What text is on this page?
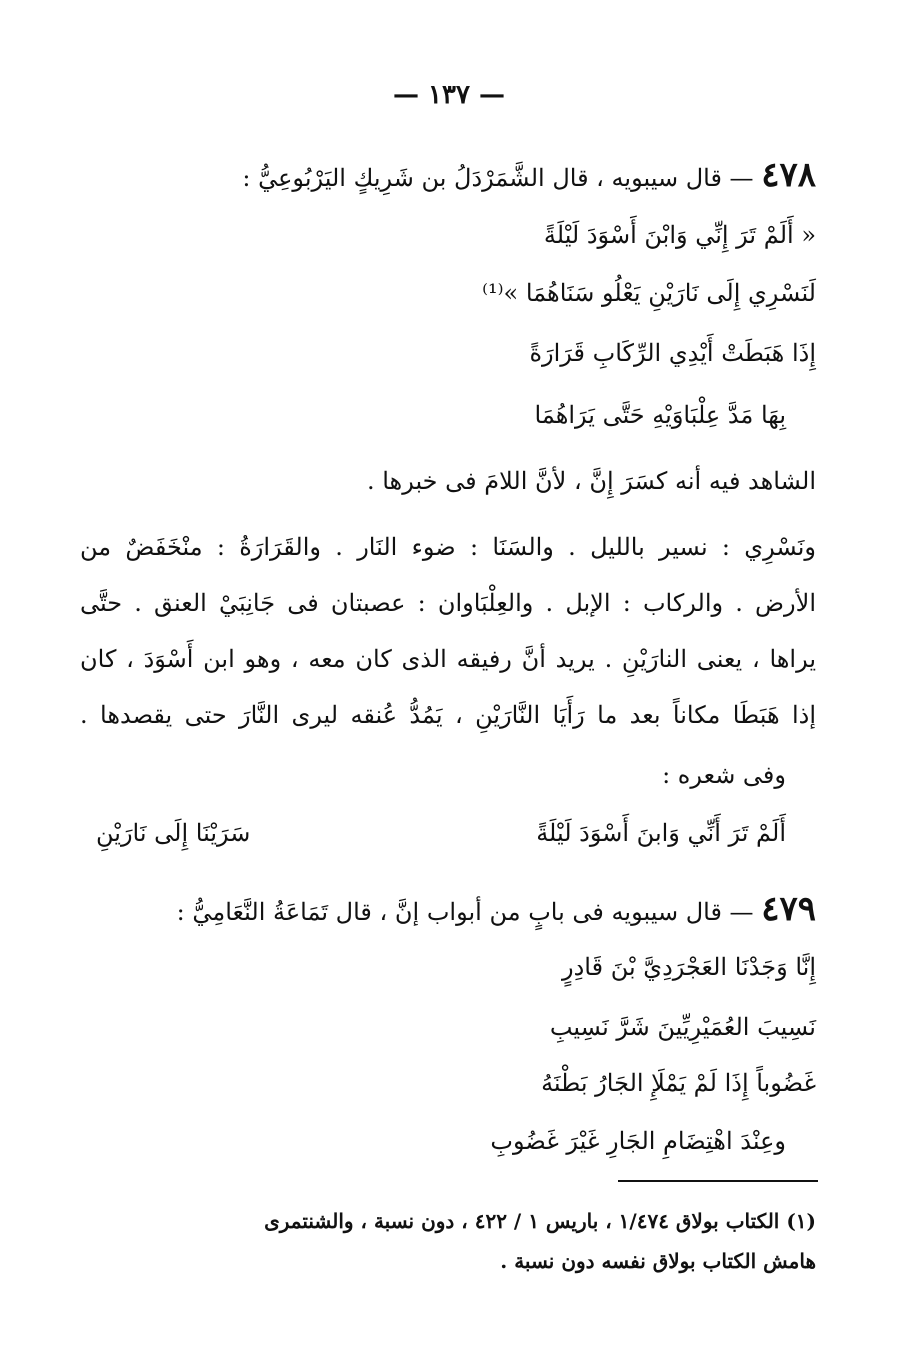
— ١٣٧ —
٤٧٨ — قال سيبويه ، قال الشَّمَرْدَلُ بن شَرِيكٍ اليَرْبُوعِيُّ :
« أَلَمْ تَرَ إِنِّي وَابْنَ أَسْوَدَ لَيْلَةً
لَنَسْرِي إِلَى نَارَيْنِ يَعْلُو سَنَاهُمَا »⁽¹⁾
إِذَا هَبَطَتْ أَيْدِي الرِّكَابِ قَرَارَةً
بِهَا مَدَّ عِلْبَاوَيْهِ حَتَّى يَرَاهُمَا
الشاهد فيه أنه كسَرَ إِنَّ ، لأنَّ اللامَ فى خبرها .
ونَسْرِي : نسير بالليل . والسَنَا : ضوء النَار . والقَرَارَةُ : منْخَفَضٌ من
الأرض . والركاب : الإبل . والعِلْبَاوان : عصبتان فى جَانِبَيْ العنق . حتَّى
يراها ، يعنى النارَيْنِ . يريد أنَّ رفيقه الذى كان معه ، وهو ابن أَسْوَدَ ، كان
إذا هَبَطَا مكاناً بعد ما رَأَيَا النَّارَيْنِ ، يَمُدُّ عُنقه ليرى النَّارَ حتى يقصدها .
وفى شعره :
أَلَمْ تَرَ أَنِّي وَابنَ أَسْوَدَ لَيْلَةً
سَرَيْنَا إِلَى نَارَيْنِ
٤٧٩ — قال سيبويه فى بابٍ من أبواب إنَّ ، قال تَمَاعَةُ النَّعَامِيُّ :
إِنَّا وَجَدْنَا العَجْرَدِيَّ بْنَ قَادِرٍ
نَسِيبَ العُمَيْرِيِّينَ شَرَّ نَسِيبِ
غَضُوباً إِذَا لَمْ يَمْلَإِ الجَارُ بَطْنَهُ
وعِنْدَ اهْتِضَامِ الجَارِ غَيْرَ غَضُوبِ
(١) الكتاب بولاق ١/٤٧٤ ، باريس ١ / ٤٢٢ ، دون نسبة ، والشنتمرى
هامش الكتاب بولاق نفسه دون نسبة .
